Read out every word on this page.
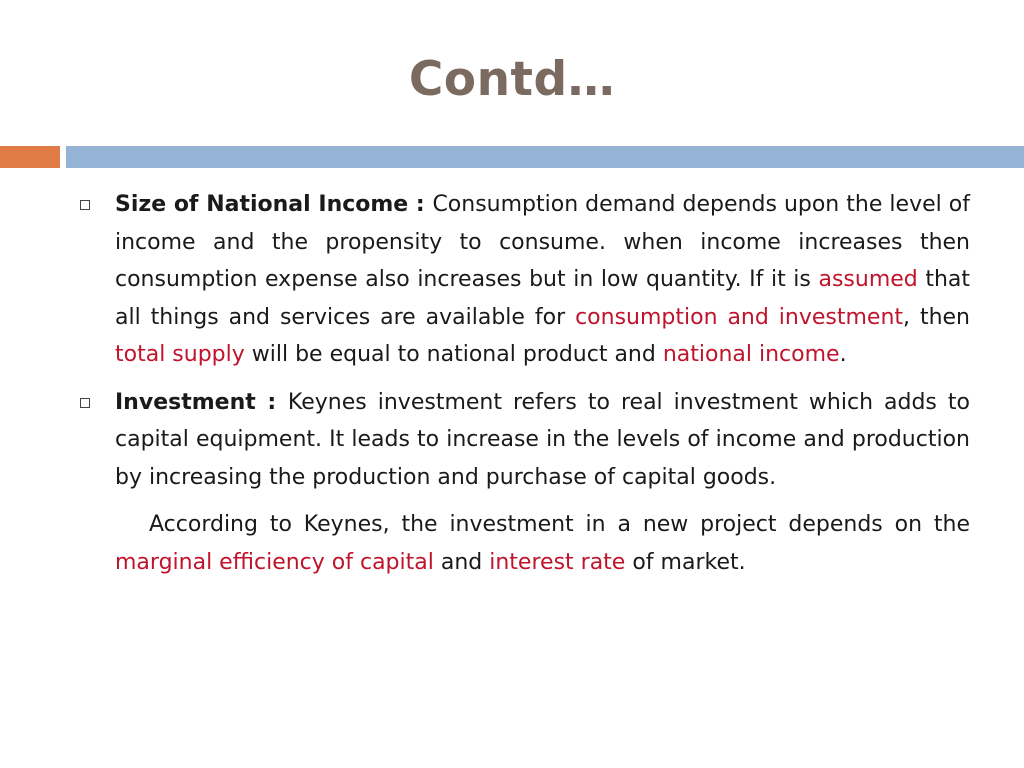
Contd…
Size of National Income : Consumption demand depends upon the level of income and the propensity to consume. when income increases then consumption expense also increases but in low quantity. If it is assumed that all things and services are available for consumption and investment, then total supply will be equal to national product and national income.
Investment : Keynes investment refers to real investment which adds to capital equipment. It leads to increase in the levels of income and production by increasing the production and purchase of capital goods.
According to Keynes, the investment in a new project depends on the marginal efficiency of capital and interest rate of market.
